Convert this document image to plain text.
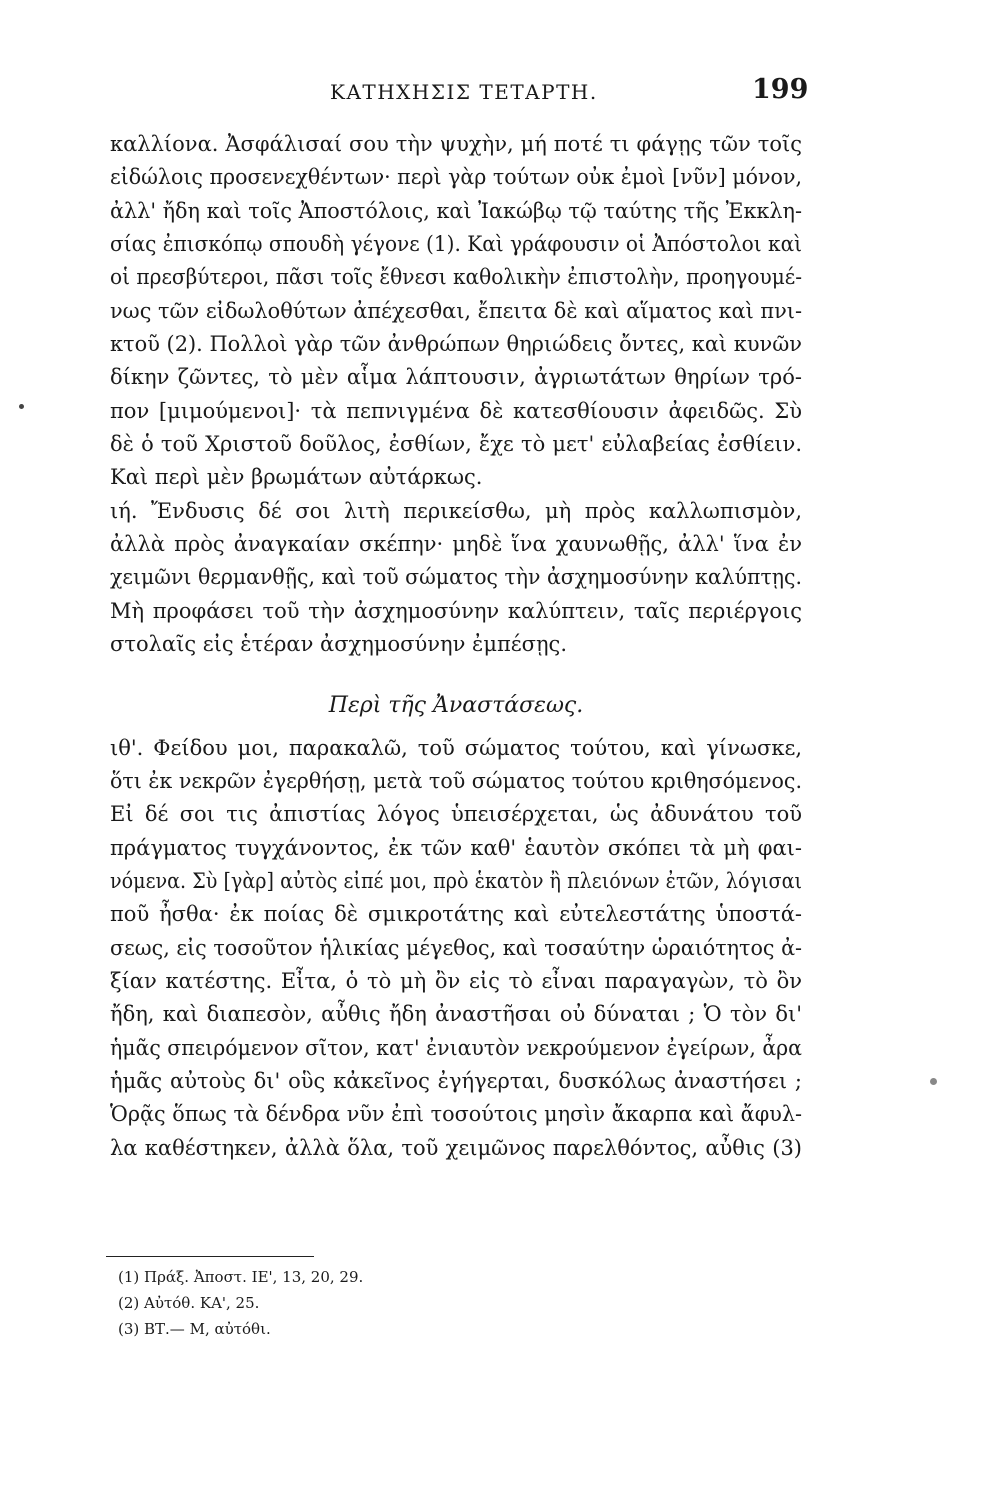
ΚΑΤΗΧΗΣΙΣ ΤΕΤΑΡΤΗ.	199
καλλίονα. Ἀσφάλισαί σου τὴν ψυχὴν, μή ποτέ τι φάγῃς τῶν τοῖς
εἰδώλοις προσενεχθέντων· περὶ γὰρ τούτων οὐκ ἐμοὶ [νῦν] μόνον,
ἀλλ' ἤδη καὶ τοῖς Ἀποστόλοις, καὶ Ἰακώβῳ τῷ ταύτης τῆς Ἐκκλη-
σίας ἐπισκόπῳ σπουδὴ γέγονε (1). Καὶ γράφουσιν οἱ Ἀπόστολοι καὶ
οἱ πρεσβύτεροι, πᾶσι τοῖς ἔθνεσι καθολικὴν ἐπιστολὴν, προηγουμέ-
νως τῶν εἰδωλοθύτων ἀπέχεσθαι, ἔπειτα δὲ καὶ αἵματος καὶ πνι-
κτοῦ (2). Πολλοὶ γὰρ τῶν ἀνθρώπων θηριώδεις ὄντες, καὶ κυνῶν
δίκην ζῶντες, τὸ μὲν αἷμα λάπτουσιν, ἀγριωτάτων θηρίων τρό-
πον [μιμούμενοι]· τὰ πεπνιγμένα δὲ κατεσθίουσιν ἀφειδῶς. Σὺ
δὲ ὁ τοῦ Χριστοῦ δοῦλος, ἐσθίων, ἔχε τὸ μετ' εὐλαβείας ἐσθίειν.
Καὶ περὶ μὲν βρωμάτων αὐτάρκως.
ιή. Ἔνδυσις δέ σοι λιτὴ περικείσθω, μὴ πρὸς καλλωπισμὸν,
ἀλλὰ πρὸς ἀναγκαίαν σκέπην· μηδὲ ἵνα χαυνωθῇς, ἀλλ' ἵνα ἐν
χειμῶνι θερμανθῇς, καὶ τοῦ σώματος τὴν ἀσχημοσύνην καλύπτῃς.
Μὴ προφάσει τοῦ τὴν ἀσχημοσύνην καλύπτειν, ταῖς περιέργοις
στολαῖς εἰς ἑτέραν ἀσχημοσύνην ἐμπέσῃς.
Περὶ τῆς Ἀναστάσεως.
ιθ'. Φείδου μοι, παρακαλῶ, τοῦ σώματος τούτου, καὶ γίνωσκε,
ὅτι ἐκ νεκρῶν ἐγερθήσῃ, μετὰ τοῦ σώματος τούτου κριθησόμενος.
Εἰ δέ σοι τις ἀπιστίας λόγος ὑπεισέρχεται, ὡς ἀδυνάτου τοῦ
πράγματος τυγχάνοντος, ἐκ τῶν καθ' ἑαυτὸν σκόπει τὰ μὴ φαι-
νόμενα. Σὺ [γὰρ] αὐτὸς εἰπέ μοι, πρὸ ἑκατὸν ἢ πλειόνων ἐτῶν, λόγισαι
ποῦ ἦσθα· ἐκ ποίας δὲ σμικροτάτης καὶ εὐτελεστάτης ὑποστά-
σεως, εἰς τοσοῦτον ἡλικίας μέγεθος, καὶ τοσαύτην ὡραιότητος ἀ-
ξίαν κατέστης. Εἶτα, ὁ τὸ μὴ ὂν εἰς τὸ εἶναι παραγαγὼν, τὸ ὂν
ἤδη, καὶ διαπεσὸν, αὖθις ἤδη ἀναστῆσαι οὐ δύναται ; Ὁ τὸν δι'
ἡμᾶς σπειρόμενον σῖτον, κατ' ἐνιαυτὸν νεκρούμενον ἐγείρων, ἆρα
ἡμᾶς αὐτοὺς δι' οὓς κἀκεῖνος ἐγήγερται, δυσκόλως ἀναστήσει ;
Ὁρᾷς ὅπως τὰ δένδρα νῦν ἐπὶ τοσούτοις μησὶν ἄκαρπα καὶ ἄφυλ-
λα καθέστηκεν, ἀλλὰ ὅλα, τοῦ χειμῶνος παρελθόντος, αὖθις (3)
(1) Πράξ. Ἀποστ. ΙΕ', 13, 20, 29.
(2) Αὐτόθ. ΚΑ', 25.
(3) ΒΤ.— Μ, αὐτόθι.
